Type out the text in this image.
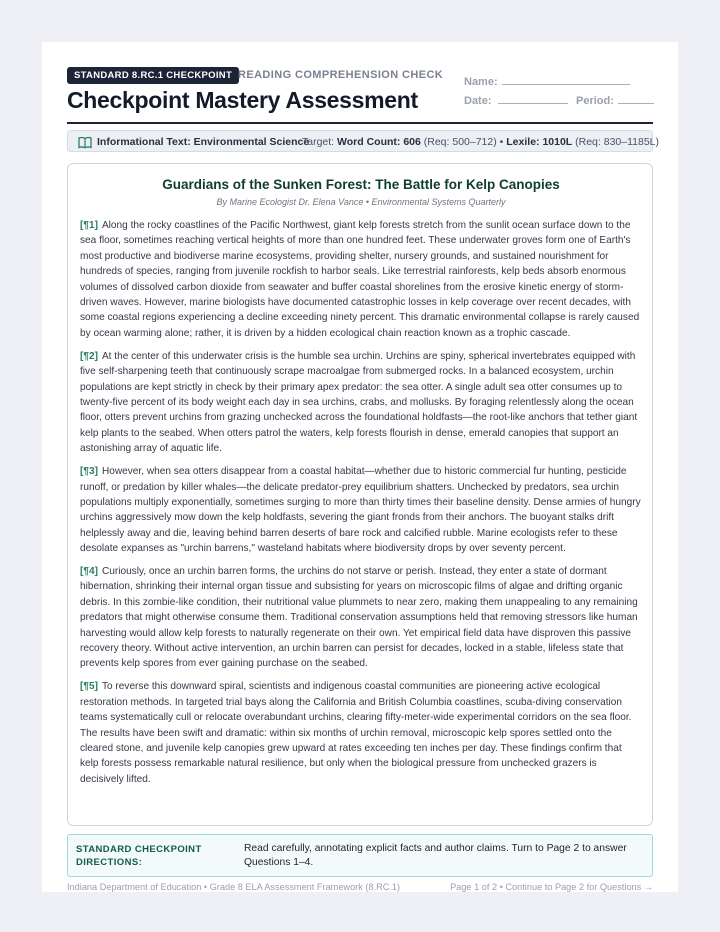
STANDARD 8.RC.1 CHECKPOINT READING COMPREHENSION CHECK
Checkpoint Mastery Assessment
Name:
Date:	Period:
Informational Text: Environmental Science
Target: Word Count: 606 (Req: 500–712) • Lexile: 1010L (Req: 830–1185L)
Guardians of the Sunken Forest: The Battle for Kelp Canopies
By Marine Ecologist Dr. Elena Vance • Environmental Systems Quarterly

[¶1] Along the rocky coastlines of the Pacific Northwest, giant kelp forests stretch from the sunlit ocean surface down to the sea floor, sometimes reaching vertical heights of more than one hundred feet. These underwater groves form one of Earth's most productive and biodiverse marine ecosystems, providing shelter, nursery grounds, and sustained nourishment for hundreds of species, ranging from juvenile rockfish to harbor seals. Like terrestrial rainforests, kelp beds absorb enormous volumes of dissolved carbon dioxide from seawater and buffer coastal shorelines from the erosive kinetic energy of storm-driven waves. However, marine biologists have documented catastrophic losses in kelp coverage over recent decades, with some coastal regions experiencing a decline exceeding ninety percent. This dramatic environmental collapse is rarely caused by ocean warming alone; rather, it is driven by a hidden ecological chain reaction known as a trophic cascade.

[¶2] At the center of this underwater crisis is the humble sea urchin. Urchins are spiny, spherical invertebrates equipped with five self-sharpening teeth that continuously scrape macroalgae from submerged rocks. In a balanced ecosystem, urchin populations are kept strictly in check by their primary apex predator: the sea otter. A single adult sea otter consumes up to twenty-five percent of its body weight each day in sea urchins, crabs, and mollusks. By foraging relentlessly along the ocean floor, otters prevent urchins from grazing unchecked across the foundational holdfasts—the root-like anchors that tether giant kelp plants to the seabed. When otters patrol the waters, kelp forests flourish in dense, emerald canopies that support an astonishing array of aquatic life.

[¶3] However, when sea otters disappear from a coastal habitat—whether due to historic commercial fur hunting, pesticide runoff, or predation by killer whales—the delicate predator-prey equilibrium shatters. Unchecked by predators, sea urchin populations multiply exponentially, sometimes surging to more than thirty times their baseline density. Dense armies of hungry urchins aggressively mow down the kelp holdfasts, severing the giant fronds from their anchors. The buoyant stalks drift helplessly away and die, leaving behind barren deserts of bare rock and calcified rubble. Marine ecologists refer to these desolate expanses as "urchin barrens," wasteland habitats where biodiversity drops by over seventy percent.

[¶4] Curiously, once an urchin barren forms, the urchins do not starve or perish. Instead, they enter a state of dormant hibernation, shrinking their internal organ tissue and subsisting for years on microscopic films of algae and drifting organic debris. In this zombie-like condition, their nutritional value plummets to near zero, making them unappealing to any remaining predators that might otherwise consume them. Traditional conservation assumptions held that removing stressors like human harvesting would allow kelp forests to naturally regenerate on their own. Yet empirical field data have disproven this passive recovery theory. Without active intervention, an urchin barren can persist for decades, locked in a stable, lifeless state that prevents kelp spores from ever gaining purchase on the seabed.

[¶5] To reverse this downward spiral, scientists and indigenous coastal communities are pioneering active ecological restoration methods. In targeted trial bays along the California and British Columbia coastlines, scuba-diving conservation teams systematically cull or relocate overabundant urchins, clearing fifty-meter-wide experimental corridors on the sea floor. The results have been swift and dramatic: within six months of urchin removal, microscopic kelp spores settled onto the cleared stone, and juvenile kelp canopies grew upward at rates exceeding ten inches per day. These findings confirm that kelp forests possess remarkable natural resilience, but only when the biological pressure from unchecked grazers is decisively lifted.

STANDARD CHECKPOINT DIRECTIONS:
Read carefully, annotating explicit facts and author claims. Turn to Page 2 to answer Questions 1–4.
Indiana Department of Education • Grade 8 ELA Assessment Framework (8.RC.1)	Page 1 of 2 • Continue to Page 2 for Questions →
